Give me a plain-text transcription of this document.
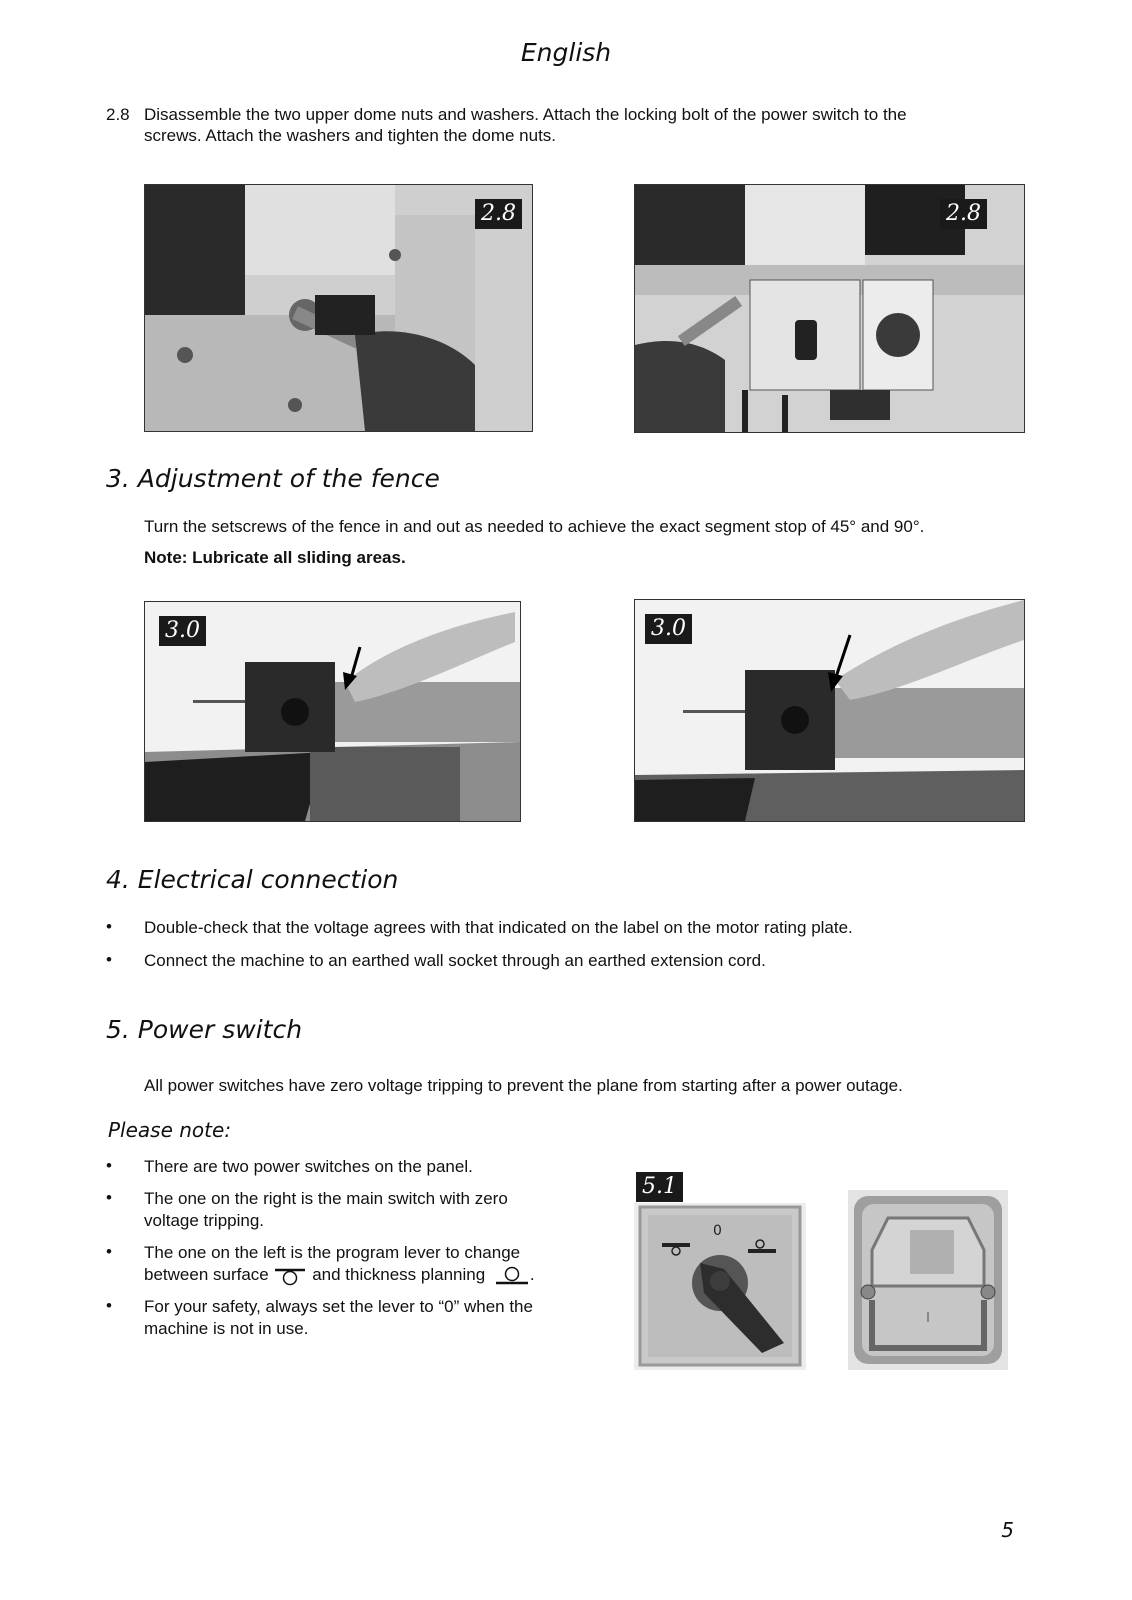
English
2.8 Disassemble the two upper dome nuts and washers. Attach the locking bolt of the power switch to the
screws. Attach the washers and tighten the dome nuts.
2.8	2.8
3. Adjustment of the fence
Turn the setscrews of the fence in and out as needed to achieve the exact segment stop of 45° and 90°.
Note: Lubricate all sliding areas.
3.0	3.0
4. Electrical connection
• Double-check that the voltage agrees with that indicated on the label on the motor rating plate.
• Connect the machine to an earthed wall socket through an earthed extension cord.
5. Power switch
All power switches have zero voltage tripping to prevent the plane from starting after a power outage.
Please note:
• There are two power switches on the panel.
• The one on the right is the main switch with zero
voltage tripping.
• The one on the left is the program lever to change
between surface	and thickness planning	.
• For your safety, always set the lever to “0” when the
machine is not in use.
5.1
0
5
